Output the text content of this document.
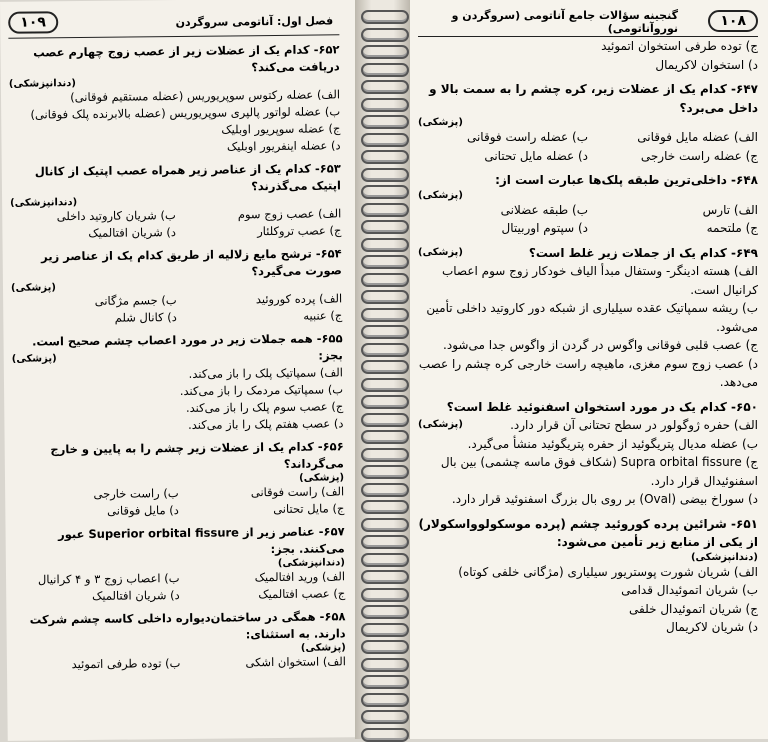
۱۰۹	فصل اول: آناتومی سروگردن
۶۵۲- کدام یک از عضلات زیر از عصب زوج چهارم عصب دریافت می‌کند؟
(دندانپزشکی)
الف) عضله رکتوس سوپریوریس (عضله مستقیم فوقانی)
ب) عضله لواتور پالپری سوپریوریس (عضله بالابرنده پلک فوقانی)
ج) عضله سوپریور اوبلیک
د) عضله اینفریور اوبلیک
۶۵۳- کدام یک از عناصر زیر همراه عصب اپتیک از کانال اپتیک می‌گذرند؟
(دندانپزشکی)
الف) عصب زوج سوم
ب) شریان کاروتید داخلی
ج) عصب تروکلئار
د) شریان افتالمیک
۶۵۴- ترشح مایع زلالیه از طریق کدام یک از عناصر زیر صورت می‌گیرد؟
(پزشکی)
الف) پرده کوروئید
ب) جسم مژگانی
ج) عنبیه
د) کانال شلم
۶۵۵- همه جملات زیر در مورد اعصاب چشم صحیح است. بجز:
(پزشکی)
الف) سمپاتیک پلک را باز می‌کند.
ب) سمپاتیک مردمک را باز می‌کند.
ج) عصب سوم پلک را باز می‌کند.
د) عصب هفتم پلک را باز می‌کند.
۶۵۶- کدام یک از عضلات زیر چشم را به پایین و خارج می‌گرداند؟
(پزشکی)
الف) راست فوقانی
ب) راست خارجی
ج) مایل تحتانی
د) مایل فوقانی
۶۵۷- عناصر زیر از Superior orbital fissure عبور می‌کنند. بجز:
(دندانپزشکی)
الف) ورید افتالمیک
ب) اعصاب زوج ۳ و ۴ کرانیال
ج) عصب افتالمیک
د) شریان افتالمیک
۶۵۸- همگی در ساختمان‌دیواره داخلی کاسه چشم شرکت دارند. به استثنای:
(پزشکی)
الف) استخوان اشکی
ب) توده طرفی اتموئید
۱۰۸
گنجینه سؤالات جامع آناتومی (سروگردن و نوروآناتومی)
ج) توده طرفی استخوان اتموئید
د) استخوان لاکریمال
۶۴۷- کدام یک از عضلات زیر، کره چشم را به سمت بالا و داخل می‌برد؟
(پزشکی)
الف) عضله مایل فوقانی
ب) عضله راست فوقانی
ج) عضله راست خارجی
د) عضله مایل تحتانی
۶۴۸- داخلی‌ترین طبقه پلک‌ها عبارت است از:
(پزشکی)
الف) تارس
ب) طبقه عضلانی
ج) ملتحمه
د) سپتوم اوربیتال
۶۴۹- کدام یک از جملات زیر غلط است؟
(پزشکی)
الف) هسته ادینگر- وستفال مبدأ الیاف خودکار زوج سوم اعصاب کرانیال است.
ب) ریشه سمپاتیک عقده سیلیاری از شبکه دور کاروتید داخلی تأمین می‌شود.
ج) عصب قلبی فوقانی واگوس در گردن از واگوس جدا می‌شود.
د) عصب زوج سوم مغزی، ماهیچه راست خارجی کره چشم را عصب می‌دهد.
۶۵۰- کدام یک در مورد استخوان اسفنوئید غلط است؟
(پزشکی)	الف) حفره ژوگولور در سطح تحتانی آن قرار دارد.
ب) عضله مدیال پتریگوئید از حفره پتریگوئید منشأ می‌گیرد.
ج) Supra orbital fissure (شکاف فوق ماسه چشمی) بین بال اسفنوئیدال قرار دارد.
د) سوراخ بیضی (Oval) بر روی بال بزرگ اسفنوئید قرار دارد.
۶۵۱- شرائین پرده کوروئید چشم (پرده موسکولوواسکولار) از یکی از منابع زیر تأمین می‌شود:
(دندانپزشکی)
الف) شریان شورت پوستریور سیلیاری (مژگانی خلفی کوتاه)
ب) شریان اتموئیدال قدامی
ج) شریان اتموئیدال خلفی
د) شریان لاکریمال
